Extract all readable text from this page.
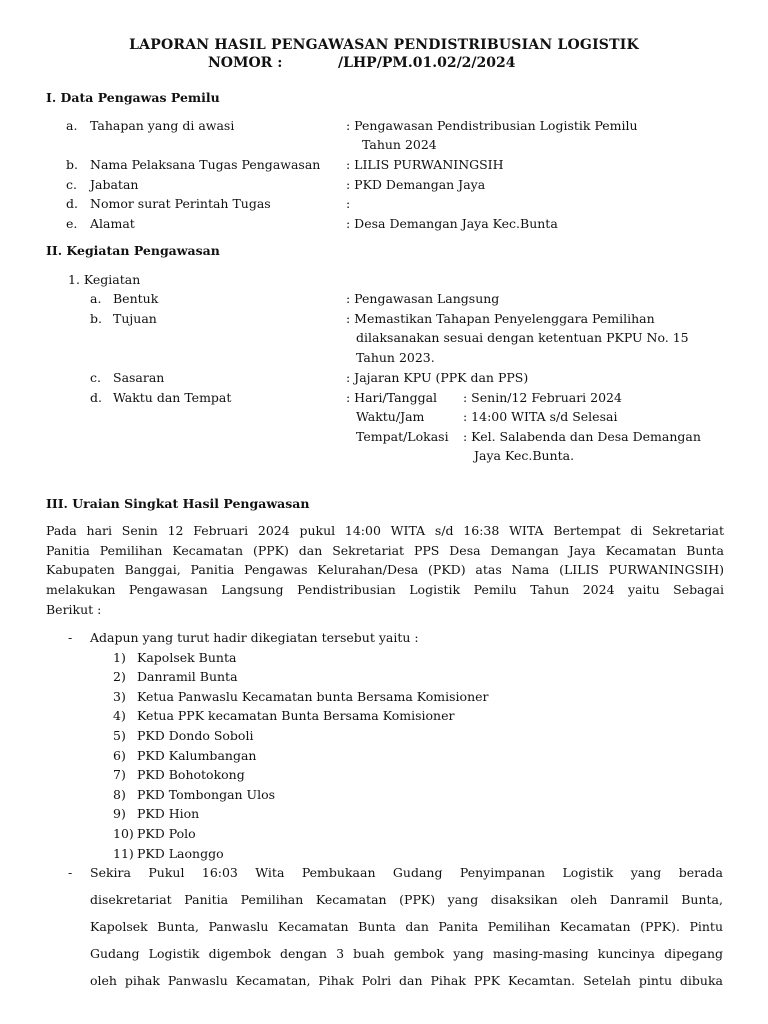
LAPORAN HASIL PENGAWASAN PENDISTRIBUSIAN LOGISTIK
NOMOR :	/LHP/PM.01.02/2/2024
I. Data Pengawas Pemilu
a. Tahapan yang di awasi	: Pengawasan Pendistribusian Logistik Pemilu
Tahun 2024
b. Nama Pelaksana Tugas Pengawasan : LILIS PURWANINGSIH
c. Jabatan	: PKD Demangan Jaya
d. Nomor surat Perintah Tugas	:
e. Alamat	: Desa Demangan Jaya Kec.Bunta
II. Kegiatan Pengawasan
1. Kegiatan
a. Bentuk	: Pengawasan Langsung
b. Tujuan	: Memastikan Tahapan Penyelenggara Pemilihan
dilaksanakan sesuai dengan ketentuan PKPU No. 15
Tahun 2023.
c. Sasaran	: Jajaran KPU (PPK dan PPS)
d. Waktu dan Tempat	: Hari/Tanggal : Senin/12 Februari 2024
Waktu/Jam	: 14:00 WITA s/d Selesai
Tempat/Lokasi : Kel. Salabenda dan Desa Demangan
Jaya Kec.Bunta.
III. Uraian Singkat Hasil Pengawasan
Pada hari Senin 12 Februari 2024 pukul 14:00 WITA s/d 16:38 WITA Bertempat di Sekretariat
Panitia Pemilihan Kecamatan (PPK) dan Sekretariat PPS Desa Demangan Jaya Kecamatan Bunta
Kabupaten Banggai, Panitia Pengawas Kelurahan/Desa (PKD) atas Nama (LILIS PURWANINGSIH)
melakukan Pengawasan Langsung Pendistribusian Logistik Pemilu Tahun 2024 yaitu Sebagai
Berikut :
- Adapun yang turut hadir dikegiatan tersebut yaitu :
1) Kapolsek Bunta
2) Danramil Bunta
3) Ketua Panwaslu Kecamatan bunta Bersama Komisioner
4) Ketua PPK kecamatan Bunta Bersama Komisioner
5) PKD Dondo Soboli
6) PKD Kalumbangan
7) PKD Bohotokong
8) PKD Tombongan Ulos
9) PKD Hion
10) PKD Polo
11) PKD Laonggo
- Sekira Pukul 16:03 Wita Pembukaan Gudang Penyimpanan Logistik yang berada
disekretariat Panitia Pemilihan Kecamatan (PPK) yang disaksikan oleh Danramil Bunta,
Kapolsek Bunta, Panwaslu Kecamatan Bunta dan Panita Pemilihan Kecamatan (PPK). Pintu
Gudang Logistik digembok dengan 3 buah gembok yang masing-masing kuncinya dipegang
oleh pihak Panwaslu Kecamatan, Pihak Polri dan Pihak PPK Kecamtan. Setelah pintu dibuka
